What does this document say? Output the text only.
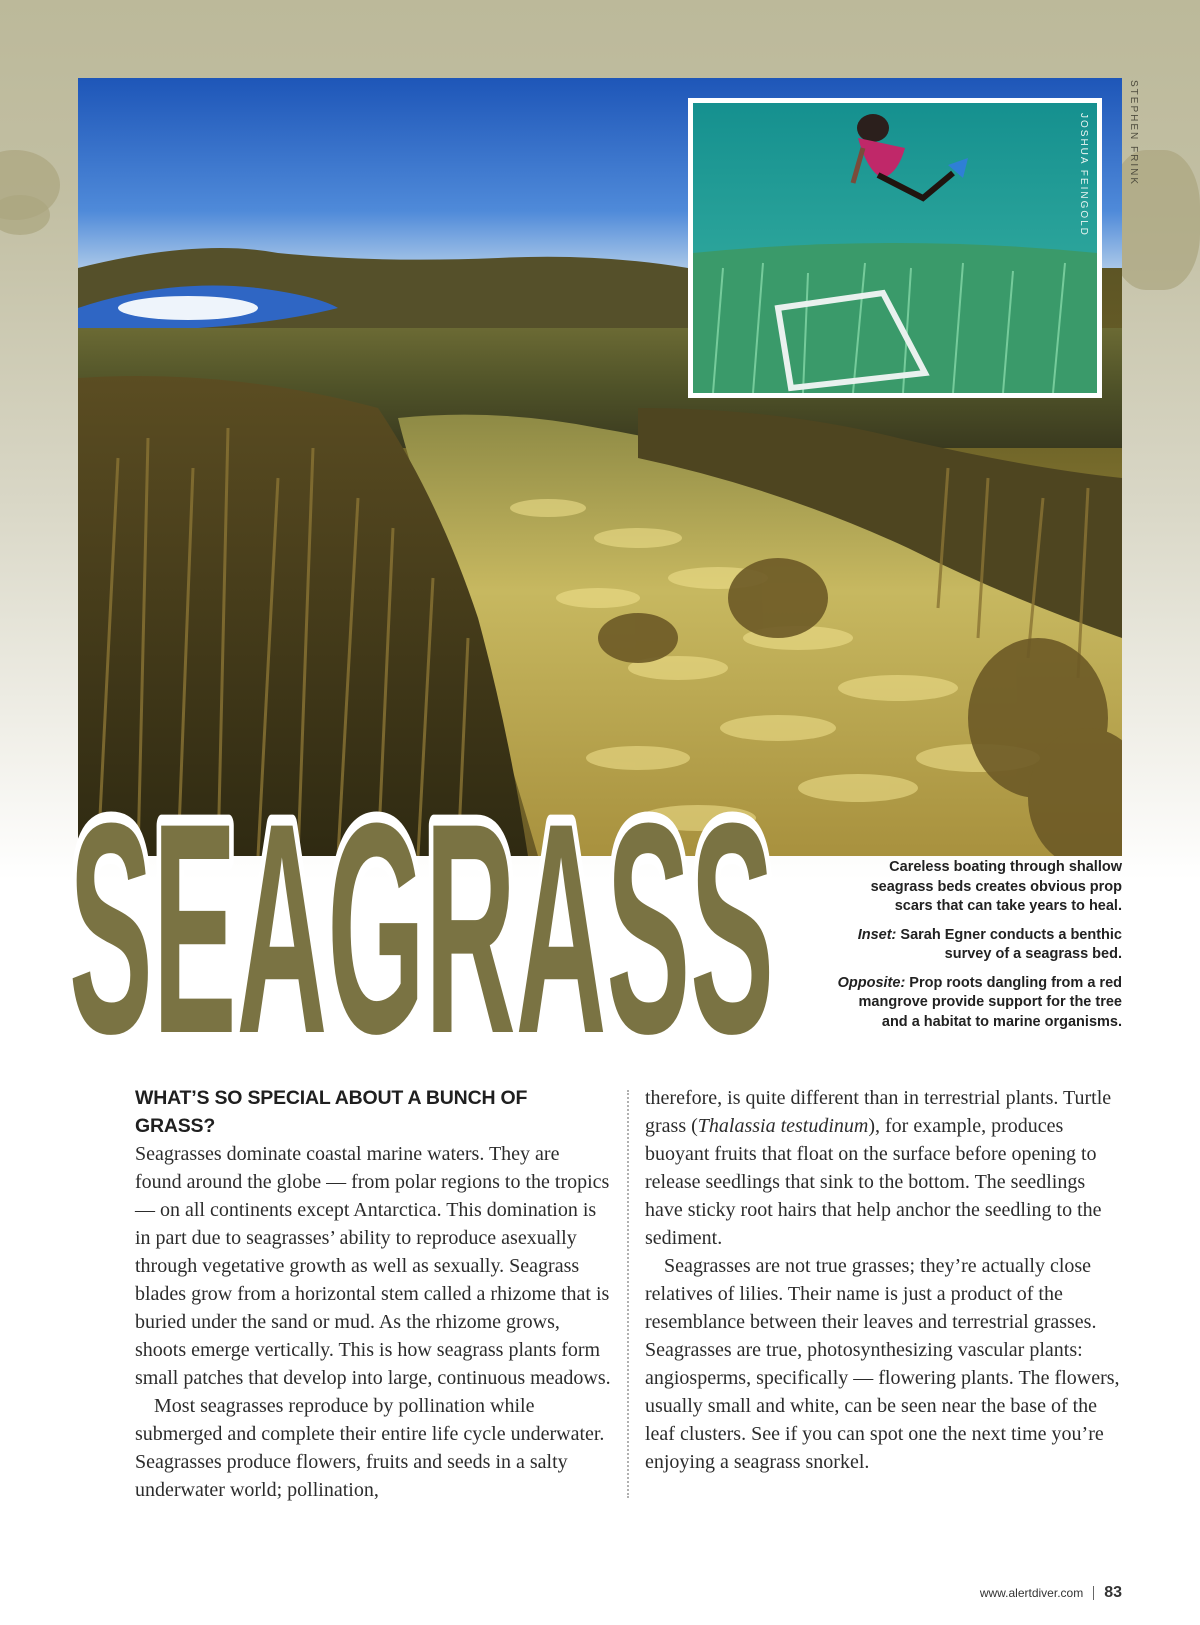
STEPHEN FRINK
JOSHUA FEINGOLD
SEAGRASS	Careless boating through shallow seagrass beds creates obvious prop scars that can take years to heal.

Inset: Sarah Egner conducts a benthic survey of a seagrass bed.

Opposite: Prop roots dangling from a red mangrove provide support for the tree and a habitat to marine organisms.

WHAT’S SO SPECIAL ABOUT A BUNCH OF GRASS?

Seagrasses dominate coastal marine waters. They are found around the globe — from polar regions to the tropics — on all continents except Antarctica. This domination is in part due to seagrasses’ ability to reproduce asexually through vegetative growth as well as sexually. Seagrass blades grow from a horizontal stem called a rhizome that is buried under the sand or mud. As the rhizome grows, shoots emerge vertically. This is how seagrass plants form small patches that develop into large, continuous meadows.

Most seagrasses reproduce by pollination while submerged and complete their entire life cycle underwater. Seagrasses produce flowers, fruits and seeds in a salty underwater world; pollination,

therefore, is quite different than in terrestrial plants. Turtle grass (Thalassia testudinum), for example, produces buoyant fruits that float on the surface before opening to release seedlings that sink to the bottom. The seedlings have sticky root hairs that help anchor the seedling to the sediment.

Seagrasses are not true grasses; they’re actually close relatives of lilies. Their name is just a product of the resemblance between their leaves and terrestrial grasses. Seagrasses are true, photosynthesizing vascular plants: angiosperms, specifically — flowering plants. The flowers, usually small and white, can be seen near the base of the leaf clusters. See if you can spot one the next time you’re enjoying a seagrass snorkel.

www.alertdiver.com 83
